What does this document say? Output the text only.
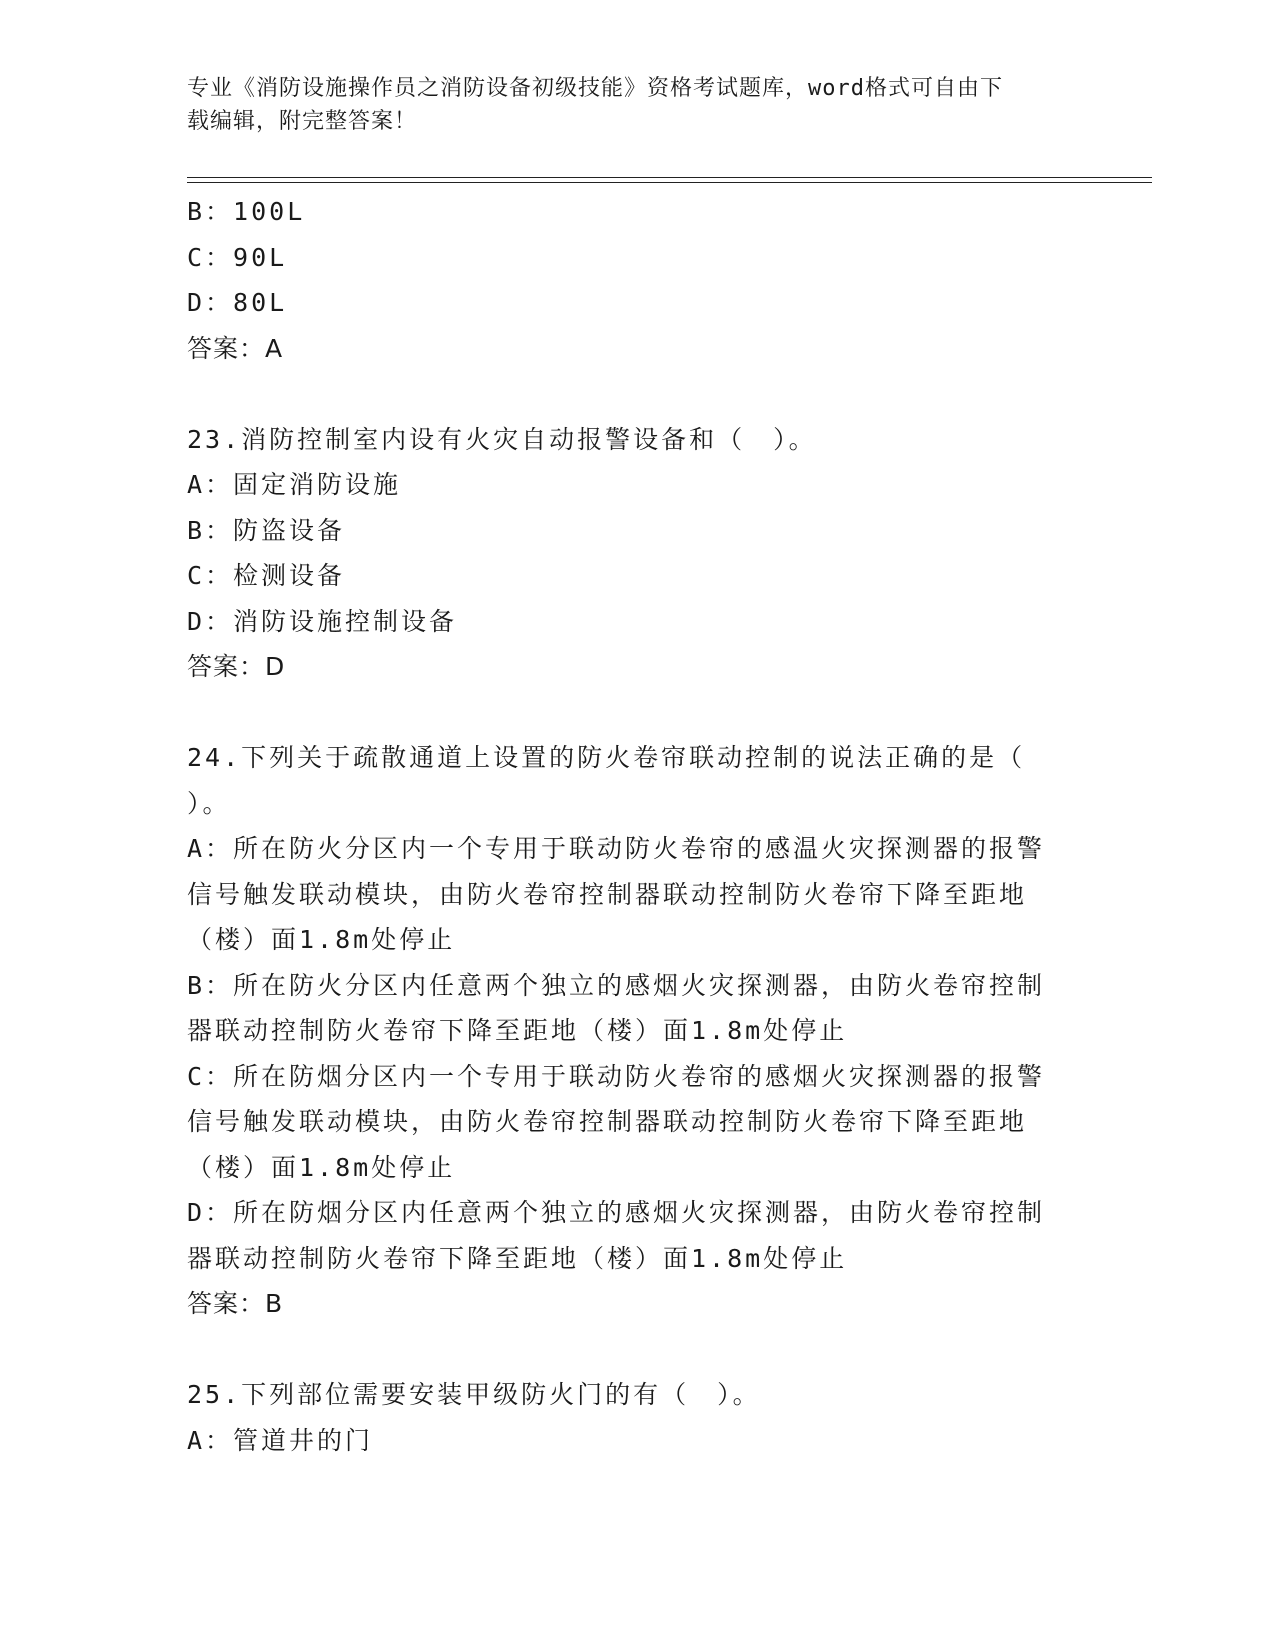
专业《消防设施操作员之消防设备初级技能》资格考试题库，word格式可自由下
载编辑，附完整答案！
B：100L
C：90L
D：80L
答案：A
23.消防控制室内设有火灾自动报警设备和（　）。
A：固定消防设施
B：防盗设备
C：检测设备
D：消防设施控制设备
答案：D
24.下列关于疏散通道上设置的防火卷帘联动控制的说法正确的是（
）。
A：所在防火分区内一个专用于联动防火卷帘的感温火灾探测器的报警
信号触发联动模块，由防火卷帘控制器联动控制防火卷帘下降至距地
（楼）面1.8m处停止
B：所在防火分区内任意两个独立的感烟火灾探测器，由防火卷帘控制
器联动控制防火卷帘下降至距地（楼）面1.8m处停止
C：所在防烟分区内一个专用于联动防火卷帘的感烟火灾探测器的报警
信号触发联动模块，由防火卷帘控制器联动控制防火卷帘下降至距地
（楼）面1.8m处停止
D：所在防烟分区内任意两个独立的感烟火灾探测器，由防火卷帘控制
器联动控制防火卷帘下降至距地（楼）面1.8m处停止
答案：B
25.下列部位需要安装甲级防火门的有（　）。
A：管道井的门
